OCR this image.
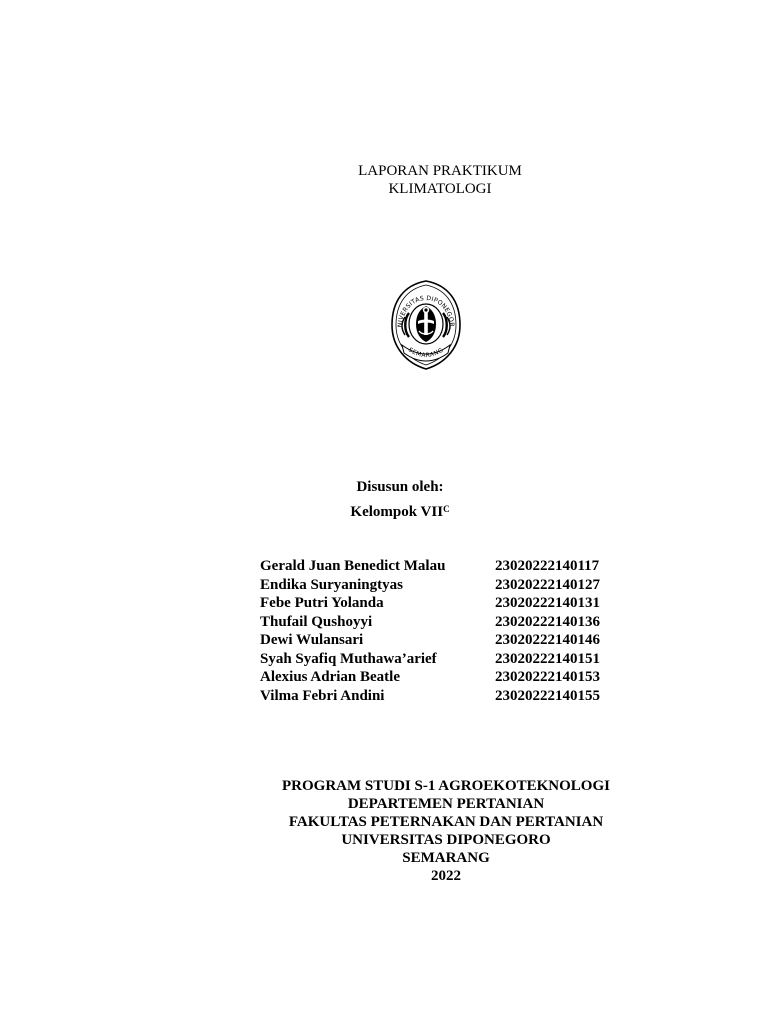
LAPORAN PRAKTIKUM
KLIMATOLOGI
NIVERSITAS DIPONEGOR
SEMARANG
Disusun oleh:
Kelompok $VII^C$
Gerald Juan Benedict Malau	23020222140117
Endika Suryaningtyas	23020222140127
Febe Putri Yolanda	23020222140131
Thufail Qushoyyi	23020222140136
Dewi Wulansari	23020222140146
Syah Syafiq Muthawa’arief	23020222140151
Alexius Adrian Beatle	23020222140153
Vilma Febri Andini	23020222140155
PROGRAM STUDI S-1 AGROEKOTEKNOLOGI
DEPARTEMEN PERTANIAN
FAKULTAS PETERNAKAN DAN PERTANIAN
UNIVERSITAS DIPONEGORO
SEMARANG
2022
